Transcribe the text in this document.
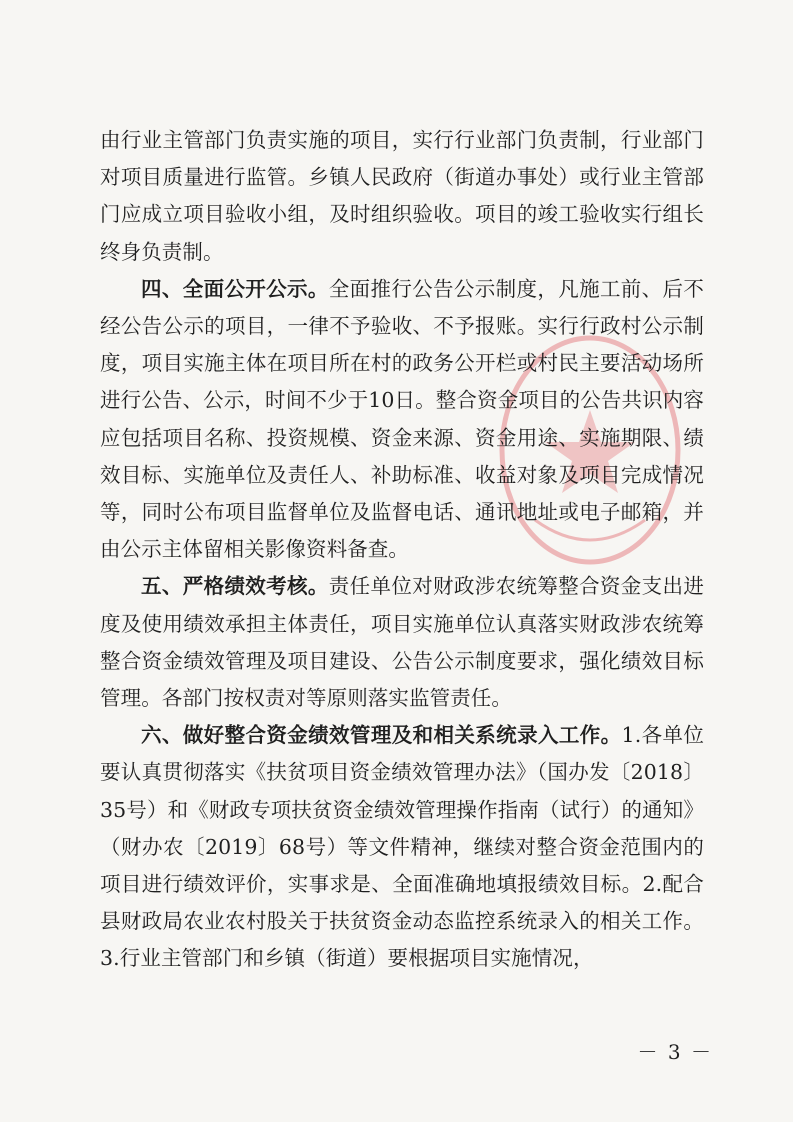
由行业主管部门负责实施的项目，实行行业部门负责制，行业部门对项目质量进行监管。乡镇人民政府（街道办事处）或行业主管部门应成立项目验收小组，及时组织验收。项目的竣工验收实行组长终身负责制。

四、全面公开公示。全面推行公告公示制度，凡施工前、后不经公告公示的项目，一律不予验收、不予报账。实行行政村公示制度，项目实施主体在项目所在村的政务公开栏或村民主要活动场所进行公告、公示，时间不少于10日。整合资金项目的公告共识内容应包括项目名称、投资规模、资金来源、资金用途、实施期限、绩效目标、实施单位及责任人、补助标准、收益对象及项目完成情况等，同时公布项目监督单位及监督电话、通讯地址或电子邮箱，并由公示主体留相关影像资料备查。

五、严格绩效考核。责任单位对财政涉农统筹整合资金支出进度及使用绩效承担主体责任，项目实施单位认真落实财政涉农统筹整合资金绩效管理及项目建设、公告公示制度要求，强化绩效目标管理。各部门按权责对等原则落实监管责任。

六、做好整合资金绩效管理及和相关系统录入工作。1.各单位要认真贯彻落实《扶贫项目资金绩效管理办法》（国办发〔2018〕35号）和《财政专项扶贫资金绩效管理操作指南（试行）的通知》（财办农〔2019〕68号）等文件精神，继续对整合资金范围内的项目进行绩效评价，实事求是、全面准确地填报绩效目标。2.配合县财政局农业农村股关于扶贫资金动态监控系统录入的相关工作。3.行业主管部门和乡镇（街道）要根据项目实施情况，

－ 3 －
